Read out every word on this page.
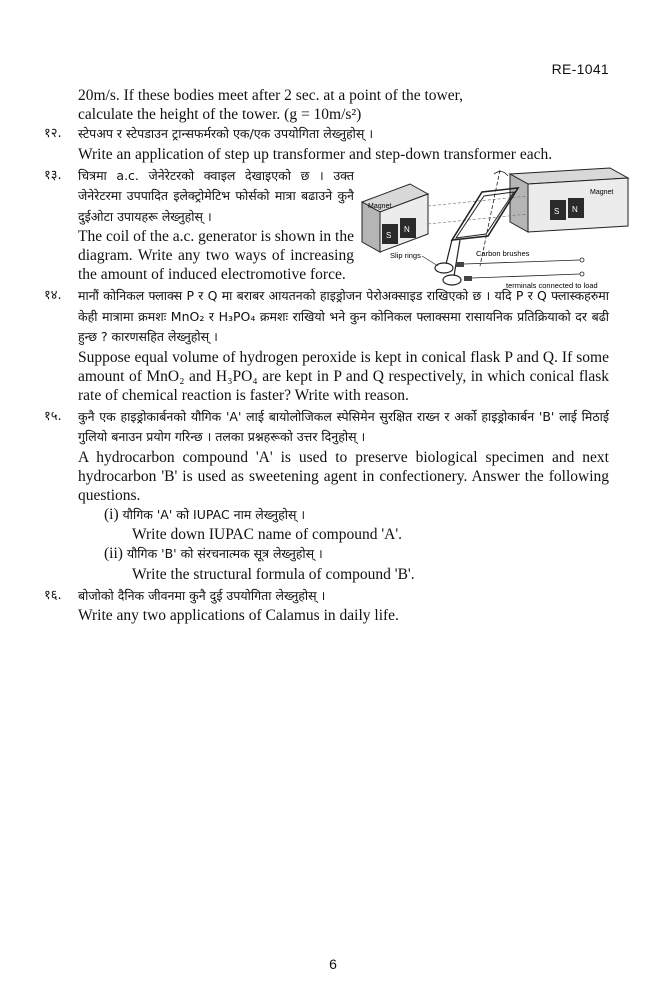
RE-1041
20m/s. If these bodies meet after 2 sec. at a point of the tower,
calculate the height of the tower. (g = 10m/s²)
१२.	स्टेपअप र स्टेपडाउन ट्रान्सफर्मरको एक/एक उपयोगिता लेख्नुहोस् ।
Write an application of step up transformer and step-down transformer each.
१३.	चित्रमा a.c. जेनेरेटरको क्वाइल देखाइएको छ । उक्त जेनेरेटरमा उपपादित इलेक्ट्रोमेटिभ फोर्सको मात्रा बढाउने कुनै दुईओटा उपायहरू लेख्नुहोस् ।
The coil of the a.c. generator is shown in the diagram. Write any two ways of increasing the amount of induced electromotive force.
Magnet
S
N
Magnet
S N
Slip rings	Carbon brushes
terminals connected to load
१४.	मानौं कोनिकल फ्लाक्स P र Q मा बराबर आयतनको हाइड्रोजन पेरोअक्साइड राखिएको छ । यदि P र Q फ्लास्कहरुमा केही मात्रामा क्रमशः MnO₂ र H₃PO₄ क्रमशः राखियो भने कुन कोनिकल फ्लाक्समा रासायनिक प्रतिक्रियाको दर बढी हुन्छ ? कारणसहित लेख्नुहोस् ।
Suppose equal volume of hydrogen peroxide is kept in conical flask P and Q. If some amount of MnO₂ and H₃PO₄ are kept in P and Q respectively, in which conical flask rate of chemical reaction is faster? Write with reason.
१५.	कुनै एक हाइड्रोकार्बनको यौगिक 'A' लाई बायोलोजिकल स्पेसिमेन सुरक्षित राख्न र अर्को हाइड्रोकार्बन 'B' लाई मिठाई गुलियो बनाउन प्रयोग गरिन्छ । तलका प्रश्नहरूको उत्तर दिनुहोस् ।
A hydrocarbon compound 'A' is used to preserve biological specimen and next hydrocarbon 'B' is used as sweetening agent in confectionery. Answer the following questions.
(i) यौगिक 'A' को IUPAC नाम लेख्नुहोस् ।
Write down IUPAC name of compound 'A'.
(ii) यौगिक 'B' को संरचनात्मक सूत्र लेख्नुहोस् ।
Write the structural formula of compound 'B'.
१६.	बोजोको दैनिक जीवनमा कुनै दुई उपयोगिता लेख्नुहोस् ।
Write any two applications of Calamus in daily life.
6
